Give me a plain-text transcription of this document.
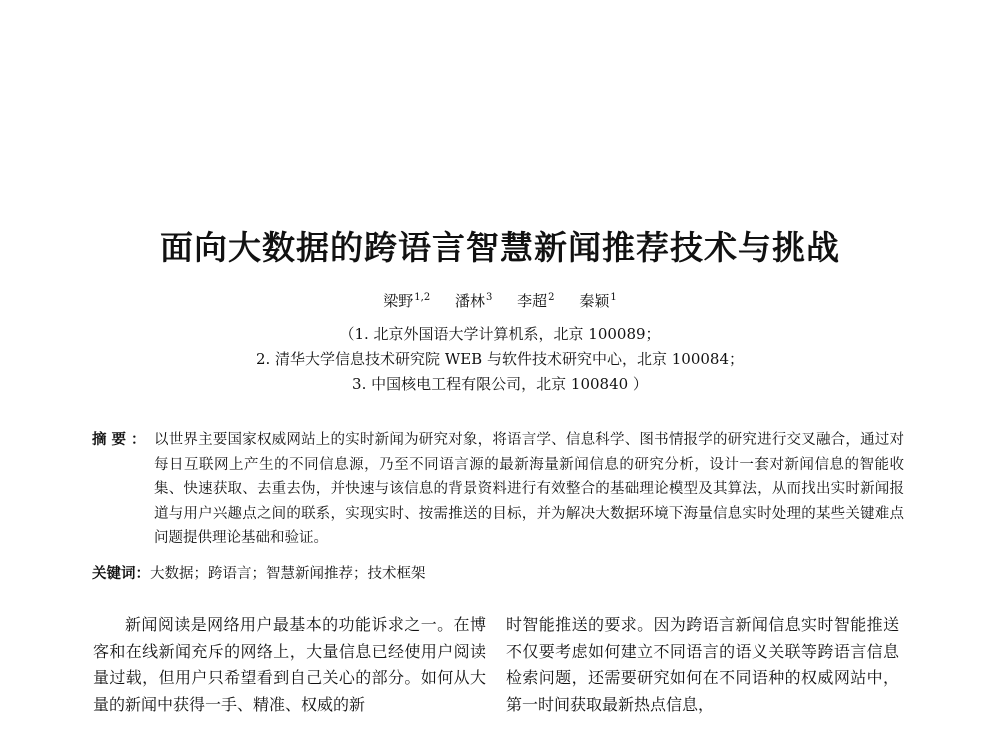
面向大数据的跨语言智慧新闻推荐技术与挑战
梁野$^{1,2}$ 潘林$^3$ 李超$^2$ 秦颖$^1$
（1. 北京外国语大学计算机系，北京 100089；
2. 清华大学信息技术研究院 WEB 与软件技术研究中心，北京 100084；
3. 中国核电工程有限公司，北京 100840 ）
摘要： 以世界主要国家权威网站上的实时新闻为研究对象，将语言学、信息科学、图书情报学的研究进行交叉融合，通过对每日互联网上产生的不同信息源，乃至不同语言源的最新海量新闻信息的研究分析，设计一套对新闻信息的智能收集、快速获取、去重去伪，并快速与该信息的背景资料进行有效整合的基础理论模型及其算法，从而找出实时新闻报道与用户兴趣点之间的联系，实现实时、按需推送的目标，并为解决大数据环境下海量信息实时处理的某些关键难点问题提供理论基础和验证。
关键词：大数据；跨语言；智慧新闻推荐；技术框架
新闻阅读是网络用户最基本的功能诉求之一。在博客和在线新闻充斥的网络上，大量信息已经使用户阅读量过载，但用户只希望看到自己关心的部分。如何从大量的新闻中获得一手、精准、权威的新
时智能推送的要求。因为跨语言新闻信息实时智能推送不仅要考虑如何建立不同语言的语义关联等跨语言信息检索问题，还需要研究如何在不同语种的权威网站中，第一时间获取最新热点信息，
